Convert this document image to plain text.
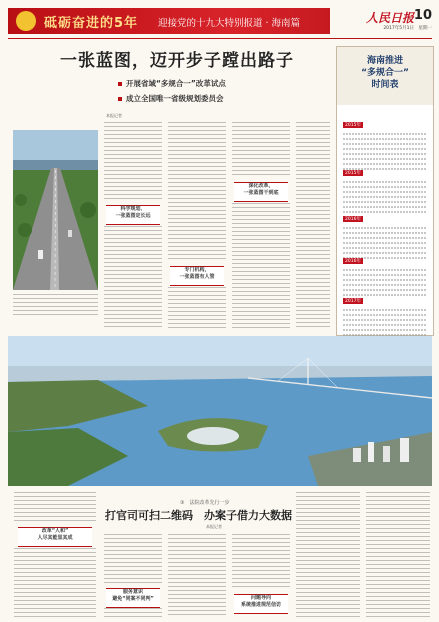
砥砺奋进的5年 迎接党的十九大特别报道 · 海南篇	人民日报 10
2017年5月1日　星期一
一张蓝图，迈开步子蹚出路子
开展省域“多规合一”改革试点
成立全国唯一省级规划委员会
海南推进
“多规合一”
时间表
2015年
2015年
2016年
2016年
2017年
本报记者　　　　　
科学规划、
一张蓝图定长远
专门机构，
一张蓝图有人管
深化改革，
一张蓝图干到底
改革“人和”
人尽其能显其成
③　法院改革先行一步
打官司可扫二维码　办案子借力大数据
本报记者　　　
服务意识
避免“同案不同判”	问题导向
系统推进规范信访
